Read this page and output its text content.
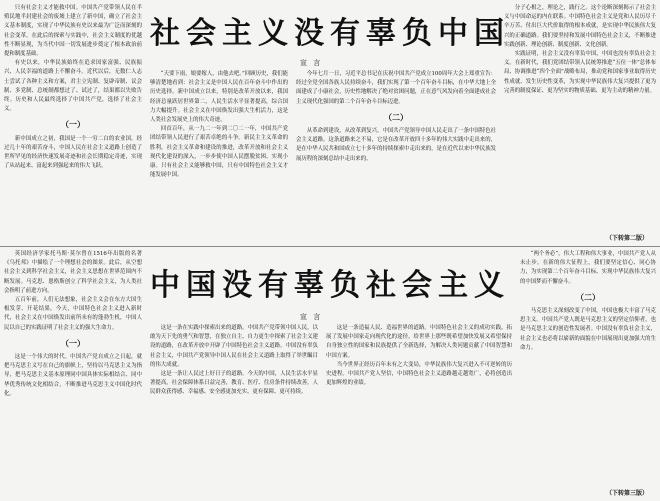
社会主义没有辜负中国
宣 言

只有社会主义才能救中国。中国共产党带领人民在半殖民地半封建社会的废墟上建立了新中国，确立了社会主义基本制度，实现了中华民族有史以来最为广泛而深刻的社会变革。在此后的探索与实践中，社会主义制度的优越性不断显现，为当代中国一切发展进步奠定了根本政治前提和制度基础。

有史以来，中华民族始终在追求国家富强、民族振兴、人民幸福的道路上不懈奋斗。近代以后，无数仁人志士尝试了各种主义和方案，君主立宪制、复辟帝制、议会制、多党制、总统制都想过了、试过了，结果都以失败告终。历史和人民最终选择了中国共产党，选择了社会主义。

（一）

新中国成立之初，我国是一个一穷二白的农业国。经过几十年的艰苦奋斗，中国人民在社会主义道路上创造了世所罕见的经济快速发展奇迹和社会长期稳定奇迹，实现了从站起来、富起来到强起来的伟大飞跃。

“天要下雨，娘要嫁人，由他去吧。”回顾历史，我们能够清楚地看到：社会主义是中国人民在百年奋斗中作出的历史选择。新中国成立以来，特别是改革开放以来，我国经济总量跃居世界第二，人民生活水平显著提高，综合国力大幅提升。社会主义在中国焕发出强大生机活力，这是人类社会发展史上的伟大奇迹。

回首百年，从一九二一年到二〇二一年，中国共产党团结带领人民进行了艰苦卓绝的斗争。新民主主义革命的胜利，社会主义革命和建设的推进，改革开放和社会主义现代化建设的深入，一步步使中国人民摆脱贫困、实现小康。只有社会主义能够救中国，只有中国特色社会主义才能发展中国。

今年七月一日，习近平总书记在庆祝中国共产党成立100周年大会上郑重宣告：经过全党全国各族人民持续奋斗，我们实现了第一个百年奋斗目标，在中华大地上全面建成了小康社会，历史性地解决了绝对贫困问题，正在意气风发向着全面建成社会主义现代化强国的第二个百年奋斗目标迈进。

（二）

从革命到建设，从改革到复兴，中国共产党领导中国人民走出了一条中国特色社会主义道路。这条道路来之不易，它是在改革开放四十多年的伟大实践中走出来的，是在中华人民共和国成立七十多年的持续探索中走出来的，是在近代以来中华民族发展历程的深刻总结中走出来的。

分子心相之，理论之，践行之。这个论断深刻揭示了社会主义与中国命运的内在联系。中国特色社会主义是党和人民历尽千辛万苦、付出巨大代价取得的根本成就，是实现中华民族伟大复兴的正确道路。我们要坚持和发展中国特色社会主义，不断推进实践创新、理论创新、制度创新、文化创新。

实践证明，社会主义没有辜负中国，中国也没有辜负社会主义。在新时代，我们党团结带领人民统筹推进“五位一体”总体布局、协调推进“四个全面”战略布局，推动党和国家事业取得历史性成就、发生历史性变革，为实现中华民族伟大复兴提供了更为完善的制度保证、更为坚实的物质基础、更为主动的精神力量。

（下转第二版）
中国没有辜负社会主义
宣 言

英国经济学家托马斯·莫尔曾在1516年出版的名著《乌托邦》中描绘了一个理想社会的图景。此后，从空想社会主义到科学社会主义，社会主义思想在世界范围内不断发展。马克思、恩格斯创立了科学社会主义，为人类社会指明了前进方向。

五百年前，人们无法想象，社会主义会在东方大国生根发芽、开花结果。今天，中国特色社会主义进入新时代，社会主义在中国焕发出前所未有的蓬勃生机，中国人民以自己的实践证明了社会主义的强大生命力。

（一）

这是一个伟大的时代。中国共产党自成立之日起，就把马克思主义写在自己的旗帜上，坚持以马克思主义为指导，把马克思主义基本原理同中国具体实际相结合、同中华优秀传统文化相结合，不断推进马克思主义中国化时代化。

这是一条在实践中探索出来的道路。中国共产党带领中国人民，以敢为天下先的勇气和智慧，在独立自主、自力更生中探索了社会主义建设的道路，在改革开放中开辟了中国特色社会主义道路。中国没有辜负社会主义，中国共产党领导中国人民在社会主义道路上取得了举世瞩目的伟大成就。

这是一条让人民过上好日子的道路。今天的中国，人民生活水平显著提高，社会保障体系日益完善，教育、医疗、住房条件持续改善，人民群众获得感、幸福感、安全感更加充实、更有保障、更可持续。

这是一条造福人民、造福世界的道路。中国特色社会主义的成功实践，拓展了发展中国家走向现代化的途径，给世界上那些既希望加快发展又希望保持自身独立性的国家和民族提供了全新选择，为解决人类问题贡献了中国智慧和中国方案。

当今世界正经历百年未有之大变局，中华民族伟大复兴进入不可逆转的历史进程。中国共产党人坚信，中国特色社会主义道路越走越宽广，必将创造出更加辉煌的业绩。

“两个务必”，伟大工程和伟大事业，中国共产党人从未止步。在新的伟大征程上，我们要坚定信心、同心协力，为实现第二个百年奋斗目标、实现中华民族伟大复兴的中国梦而不懈奋斗。

（二）

马克思主义深刻改变了中国，中国也极大丰富了马克思主义。中国共产党人既是马克思主义的坚定信仰者，也是马克思主义的创造性发展者。中国没有辜负社会主义，社会主义也必将以崭新的面貌在中国展现出更加强大的生命力。

（下转第三版）
